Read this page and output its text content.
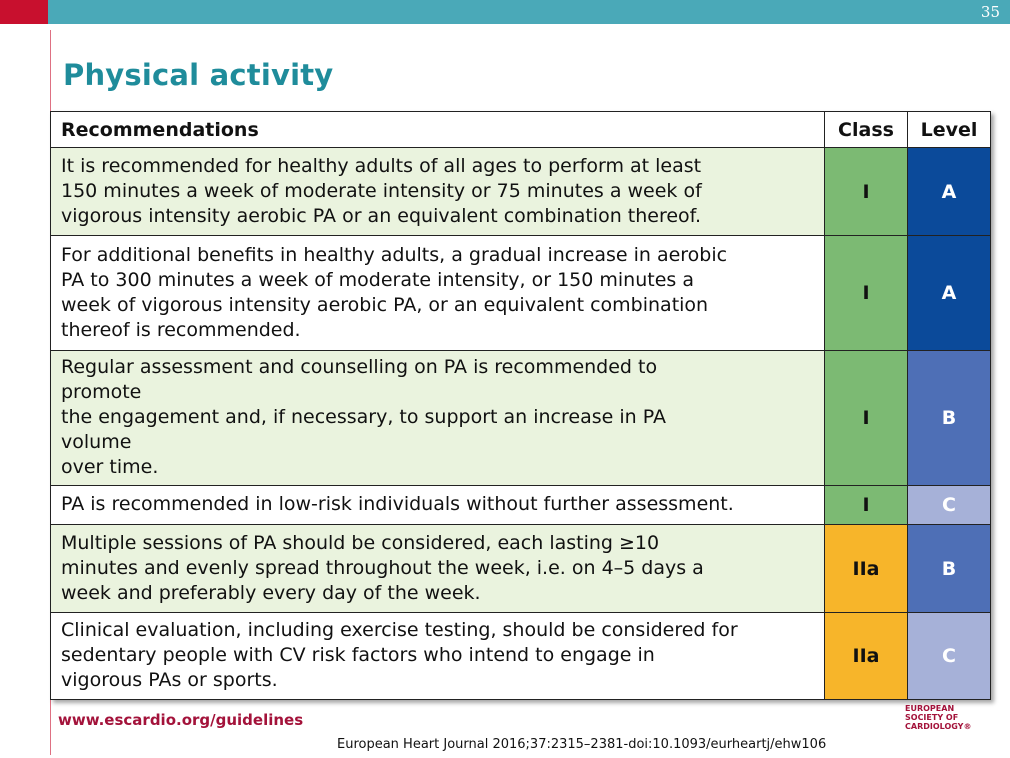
35
Physical activity
Recommendations	Class	Level
It is recommended for healthy adults of all ages to perform at least
150 minutes a week of moderate intensity or 75 minutes a week of
vigorous intensity aerobic PA or an equivalent combination thereof.	I	A
For additional benefits in healthy adults, a gradual increase in aerobic
PA to 300 minutes a week of moderate intensity, or 150 minutes a
week of vigorous intensity aerobic PA, or an equivalent combination
thereof is recommended.	I	A
Regular assessment and counselling on PA is recommended to
promote
the engagement and, if necessary, to support an increase in PA
volume
over time.	I	B
PA is recommended in low-risk individuals without further assessment.	I	C
Multiple sessions of PA should be considered, each lasting ≥10
minutes and evenly spread throughout the week, i.e. on 4–5 days a
week and preferably every day of the week.	IIa	B
Clinical evaluation, including exercise testing, should be considered for
sedentary people with CV risk factors who intend to engage in
vigorous PAs or sports.	IIa	C
www.escardio.org/guidelines
European Heart Journal 2016;37:2315–2381-doi:10.1093/eurheartj/ehw106
EUROPEAN
SOCIETY OF
CARDIOLOGY®
